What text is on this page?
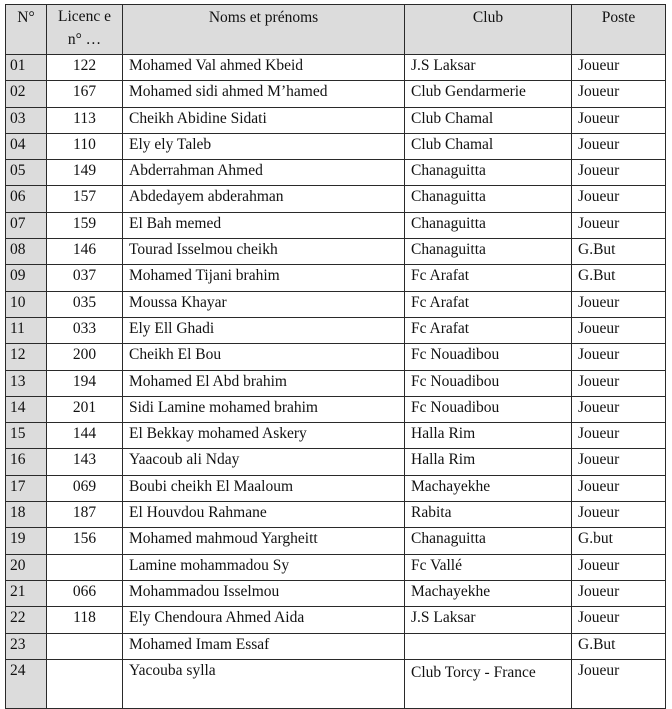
N°	Licenc e n° …	Noms et prénoms	Club	Poste
01	122	Mohamed Val ahmed Kbeid	J.S Laksar	Joueur
02	167	Mohamed sidi ahmed M’hamed	Club Gendarmerie	Joueur
03	113	Cheikh Abidine Sidati	Club Chamal	Joueur
04	110	Ely ely Taleb	Club Chamal	Joueur
05	149	Abderrahman Ahmed	Chanaguitta	Joueur
06	157	Abdedayem abderahman	Chanaguitta	Joueur
07	159	El Bah memed	Chanaguitta	Joueur
08	146	Tourad Isselmou cheikh	Chanaguitta	G.But
09	037	Mohamed Tijani brahim	Fc Arafat	G.But
10	035	Moussa Khayar	Fc Arafat	Joueur
11	033	Ely Ell Ghadi	Fc Arafat	Joueur
12	200	Cheikh El Bou	Fc Nouadibou	Joueur
13	194	Mohamed El Abd brahim	Fc Nouadibou	Joueur
14	201	Sidi Lamine mohamed brahim	Fc Nouadibou	Joueur
15	144	El Bekkay mohamed Askery	Halla Rim	Joueur
16	143	Yaacoub ali Nday	Halla Rim	Joueur
17	069	Boubi cheikh El Maaloum	Machayekhe	Joueur
18	187	El Houvdou Rahmane	Rabita	Joueur
19	156	Mohamed mahmoud Yargheitt	Chanaguitta	G.but
20		Lamine mohammadou Sy	Fc Vallé	Joueur
21	066	Mohammadou Isselmou	Machayekhe	Joueur
22	118	Ely Chendoura Ahmed Aida	J.S Laksar	Joueur
23		Mohamed Imam Essaf		G.But
24		Yacouba sylla	Club Torcy - France	Joueur
